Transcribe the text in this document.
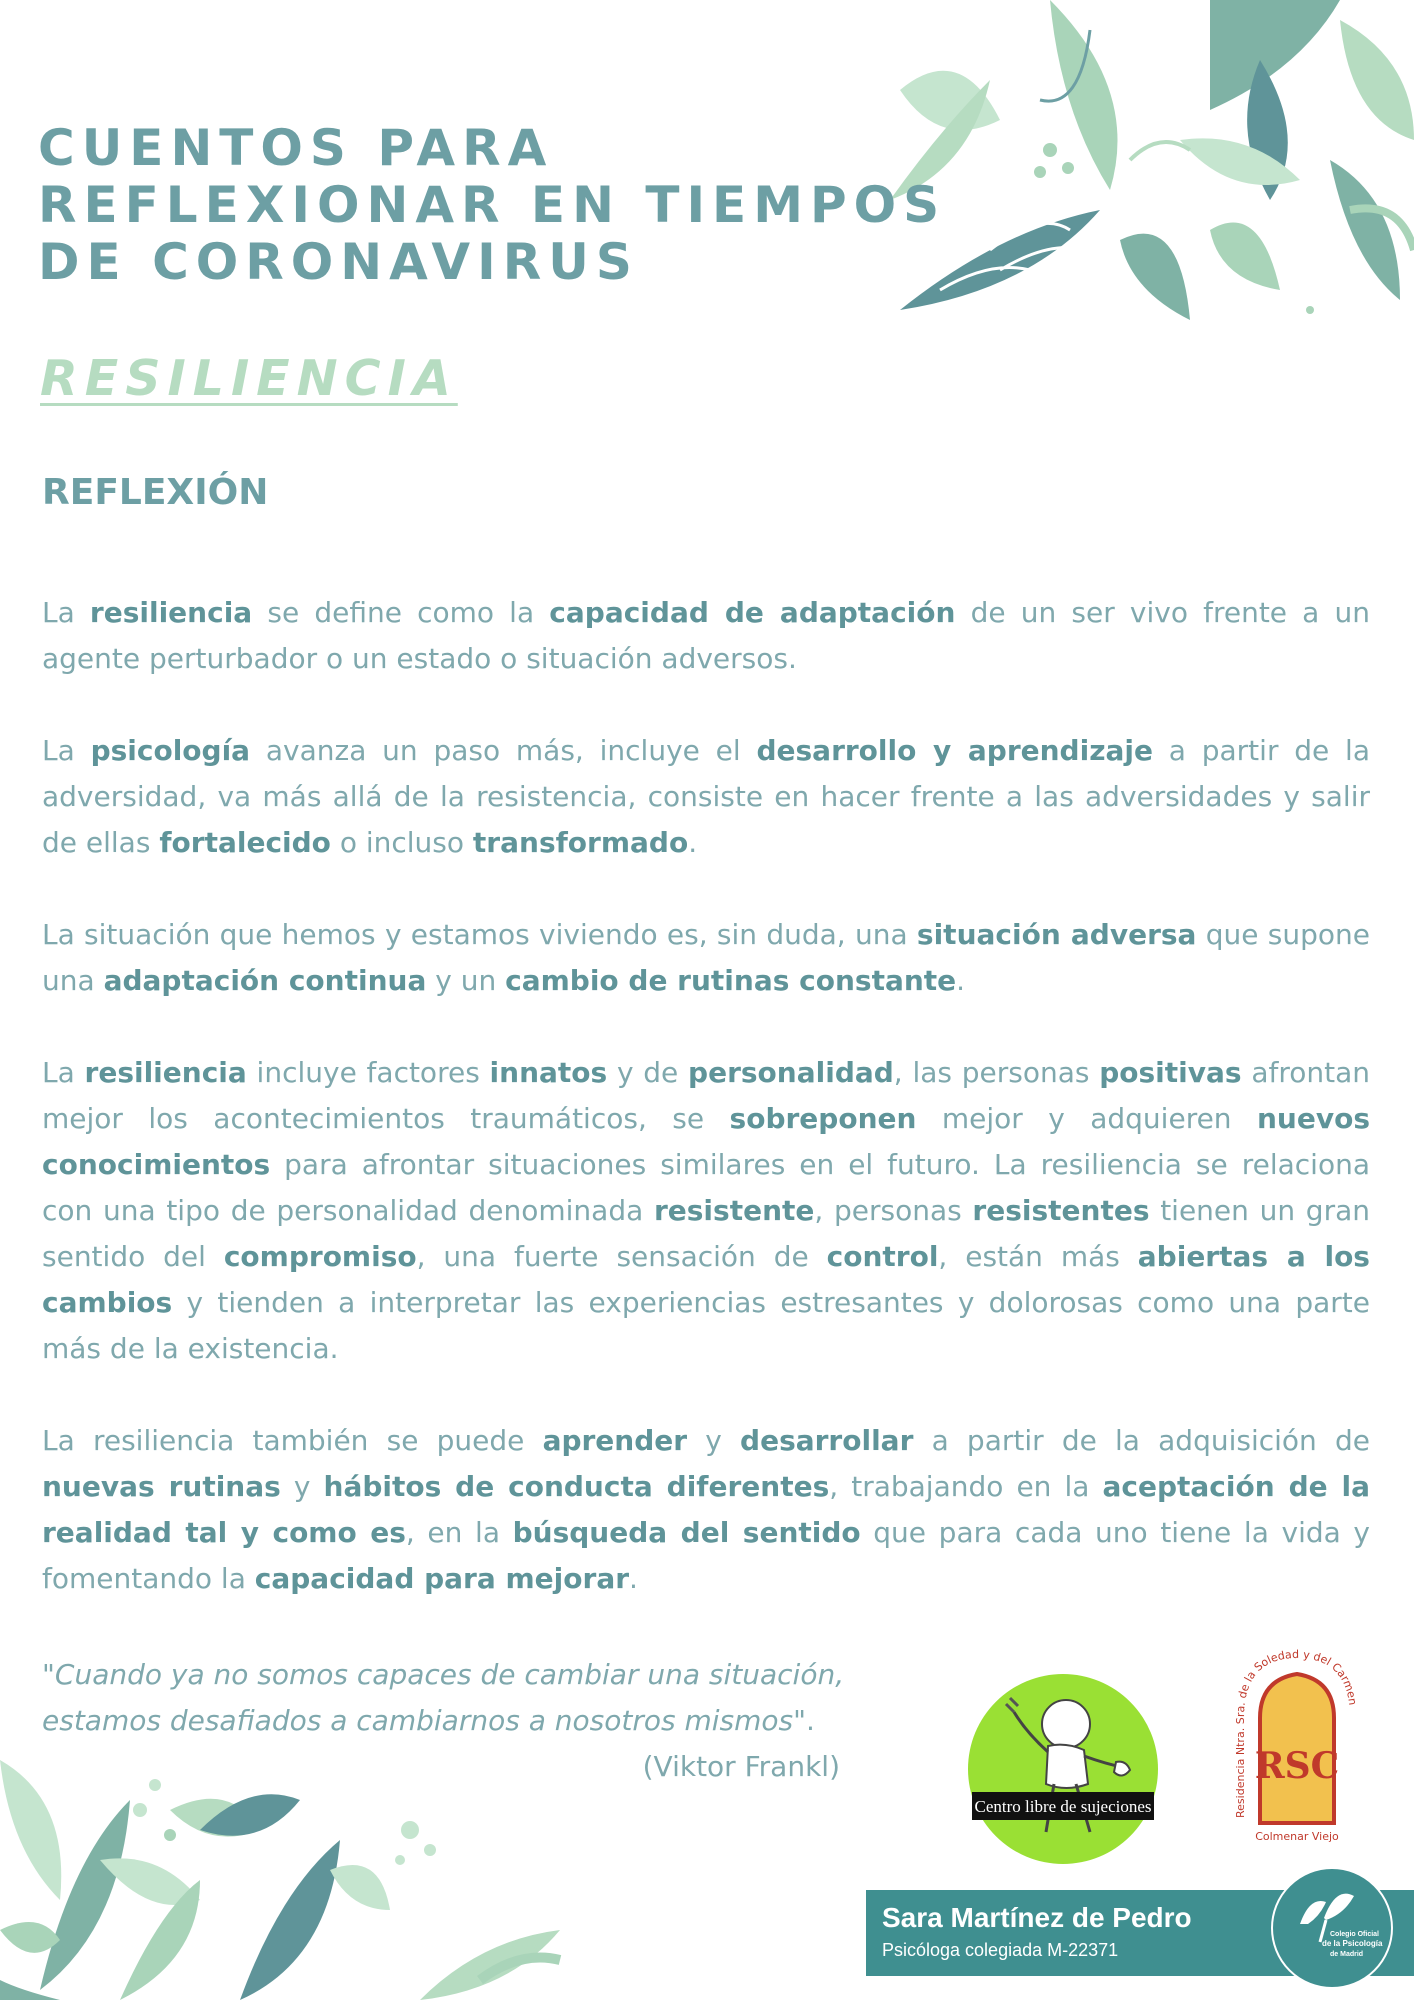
CUENTOS PARA
REFLEXIONAR EN TIEMPOS
DE CORONAVIRUS
RESILIENCIA
REFLEXIÓN

La resiliencia se define como la capacidad de adaptación de un ser vivo frente a un agente perturbador o un estado o situación adversos.

La psicología avanza un paso más, incluye el desarrollo y aprendizaje a partir de la adversidad, va más allá de la resistencia, consiste en hacer frente a las adversidades y salir de ellas fortalecido o incluso transformado.

La situación que hemos y estamos viviendo es, sin duda, una situación adversa que supone una adaptación continua y un cambio de rutinas constante.

La resiliencia incluye factores innatos y de personalidad, las personas positivas afrontan mejor los acontecimientos traumáticos, se sobreponen mejor y adquieren nuevos conocimientos para afrontar situaciones similares en el futuro. La resiliencia se relaciona con una tipo de personalidad denominada resistente, personas resistentes tienen un gran sentido del compromiso, una fuerte sensación de control, están más abiertas a los cambios y tienden a interpretar las experiencias estresantes y dolorosas como una parte más de la existencia.

La resiliencia también se puede aprender y desarrollar a partir de la adquisición de nuevas rutinas y hábitos de conducta diferentes, trabajando en la aceptación de la realidad tal y como es, en la búsqueda del sentido que para cada uno tiene la vida y fomentando la capacidad para mejorar.

"Cuando ya no somos capaces de cambiar una situación,
estamos desafiados a cambiarnos a nosotros mismos".
(Viktor Frankl)
Centro libre de sujeciones	Residencia Ntra. Sra. de la Soledad y del Carmen
RSC
Colmenar Viejo
Sara Martínez de Pedro
Psicóloga colegiada M-22371
Colegio Oficial
de la Psicología
de Madrid
